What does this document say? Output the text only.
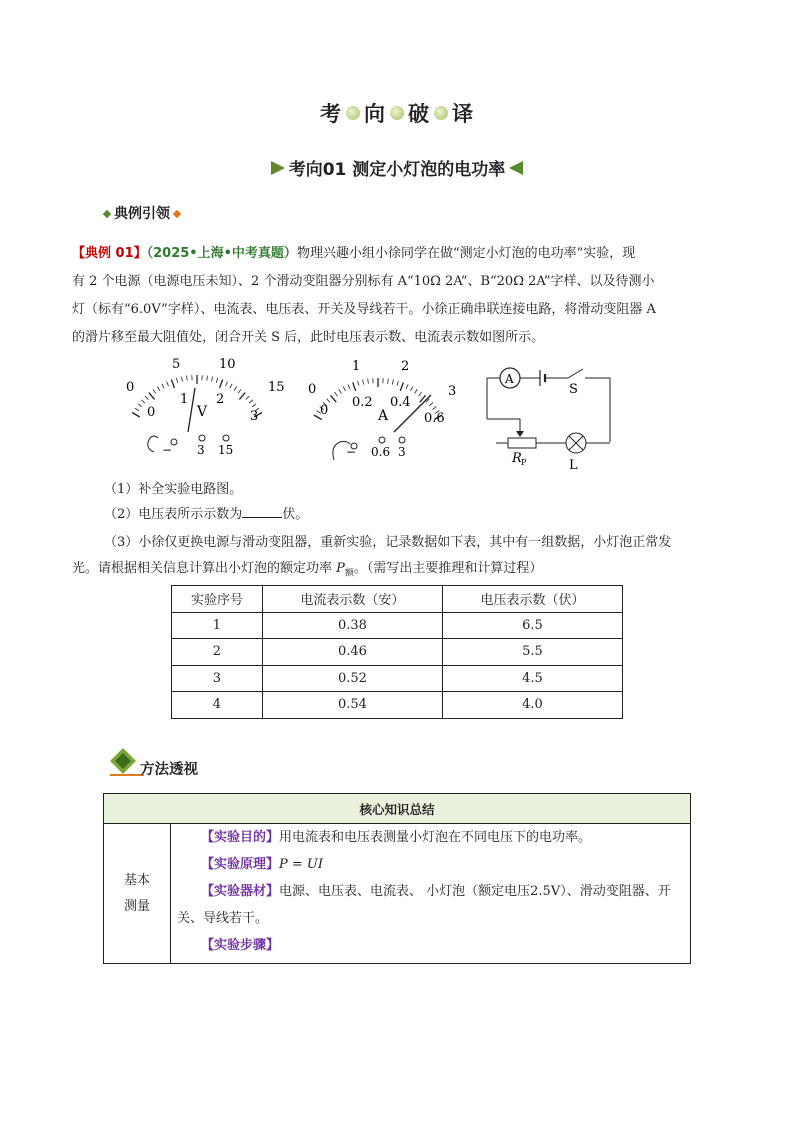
考 向 破 译
考向01 测定小灯泡的电功率
典例引领
【典例 01】（2025•上海•中考真题）物理兴趣小组小徐同学在做“测定小灯泡的电功率”实验，现
有 2 个电源（电源电压未知）、2 个滑动变阻器分别标有 A“10Ω 2A”、B“20Ω 2A”字样、以及待测小
灯（标有“6.0V”字样）、电流表、电压表、开关及导线若干。小徐正确串联连接电路，将滑动变阻器 A
的滑片移至最大阻值处，闭合开关 S 后，此时电压表示数、电流表示数如图所示。
0
5	10
15
0
1 2
3
V
− 3 15
0
1	2
3
0
0.2 0.4
0.6
A
− 0.6 3
A
S
R P	L
（1）补全实验电路图。
（2）电压表所示示数为	伏。
（3）小徐仅更换电源与滑动变阻器，重新实验，记录数据如下表，其中有一组数据，小灯泡正常发
光。请根据相关信息计算出小灯泡的额定功率 $P_额$。（需写出主要推理和计算过程）
实验序号	电流表示数（安）	电压表示数（伏）
1	0.38	6.5
2	0.46	5.5
3	0.52	4.5
4	0.54	4.0
方法透视
核心知识总结

基本
测量

【实验目的】用电流表和电压表测量小灯泡在不同电压下的电功率。
【实验原理】P = UI
【实验器材】电源、电压表、电流表、 小灯泡（额定电压2.5V）、滑动变阻器、开
关、导线若干。
【实验步骤】
